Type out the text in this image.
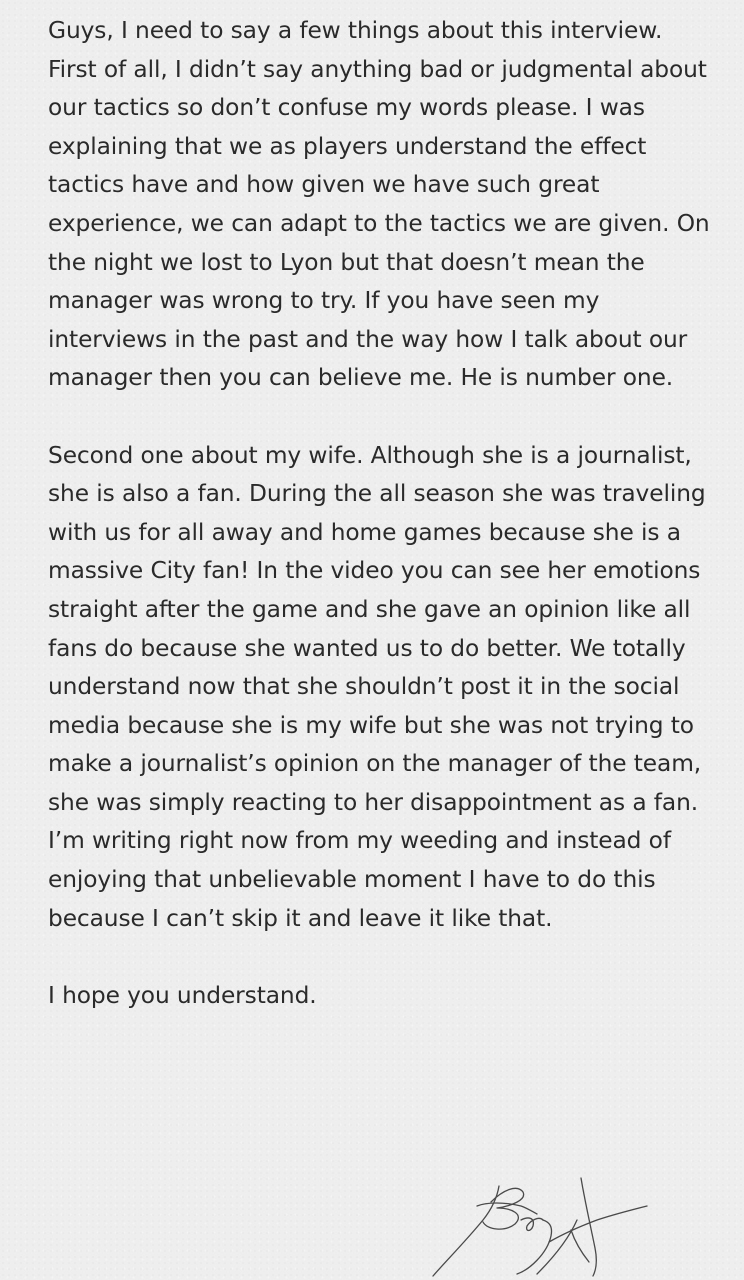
Guys, I need to say a few things about this interview. First of all, I didn’t say anything bad or judgmental about our tactics so don’t confuse my words please. I was explaining that we as players understand the effect tactics have and how given we have such great experience, we can adapt to the tactics we are given. On the night we lost to Lyon but that doesn’t mean the manager was wrong to try. If you have seen my interviews in the past and the way how I talk about our manager then you can believe me. He is number one.

Second one about my wife. Although she is a journalist, she is also a fan. During the all season she was traveling with us for all away and home games because she is a massive City fan! In the video you can see her emotions straight after the game and she gave an opinion like all fans do because she wanted us to do better. We totally understand now that she shouldn’t post it in the social media because she is my wife but she was not trying to make a journalist’s opinion on the manager of the team, she was simply reacting to her disappointment as a fan.

I’m writing right now from my weeding and instead of enjoying that unbelievable moment I have to do this because I can’t skip it and leave it like that.

I hope you understand.
